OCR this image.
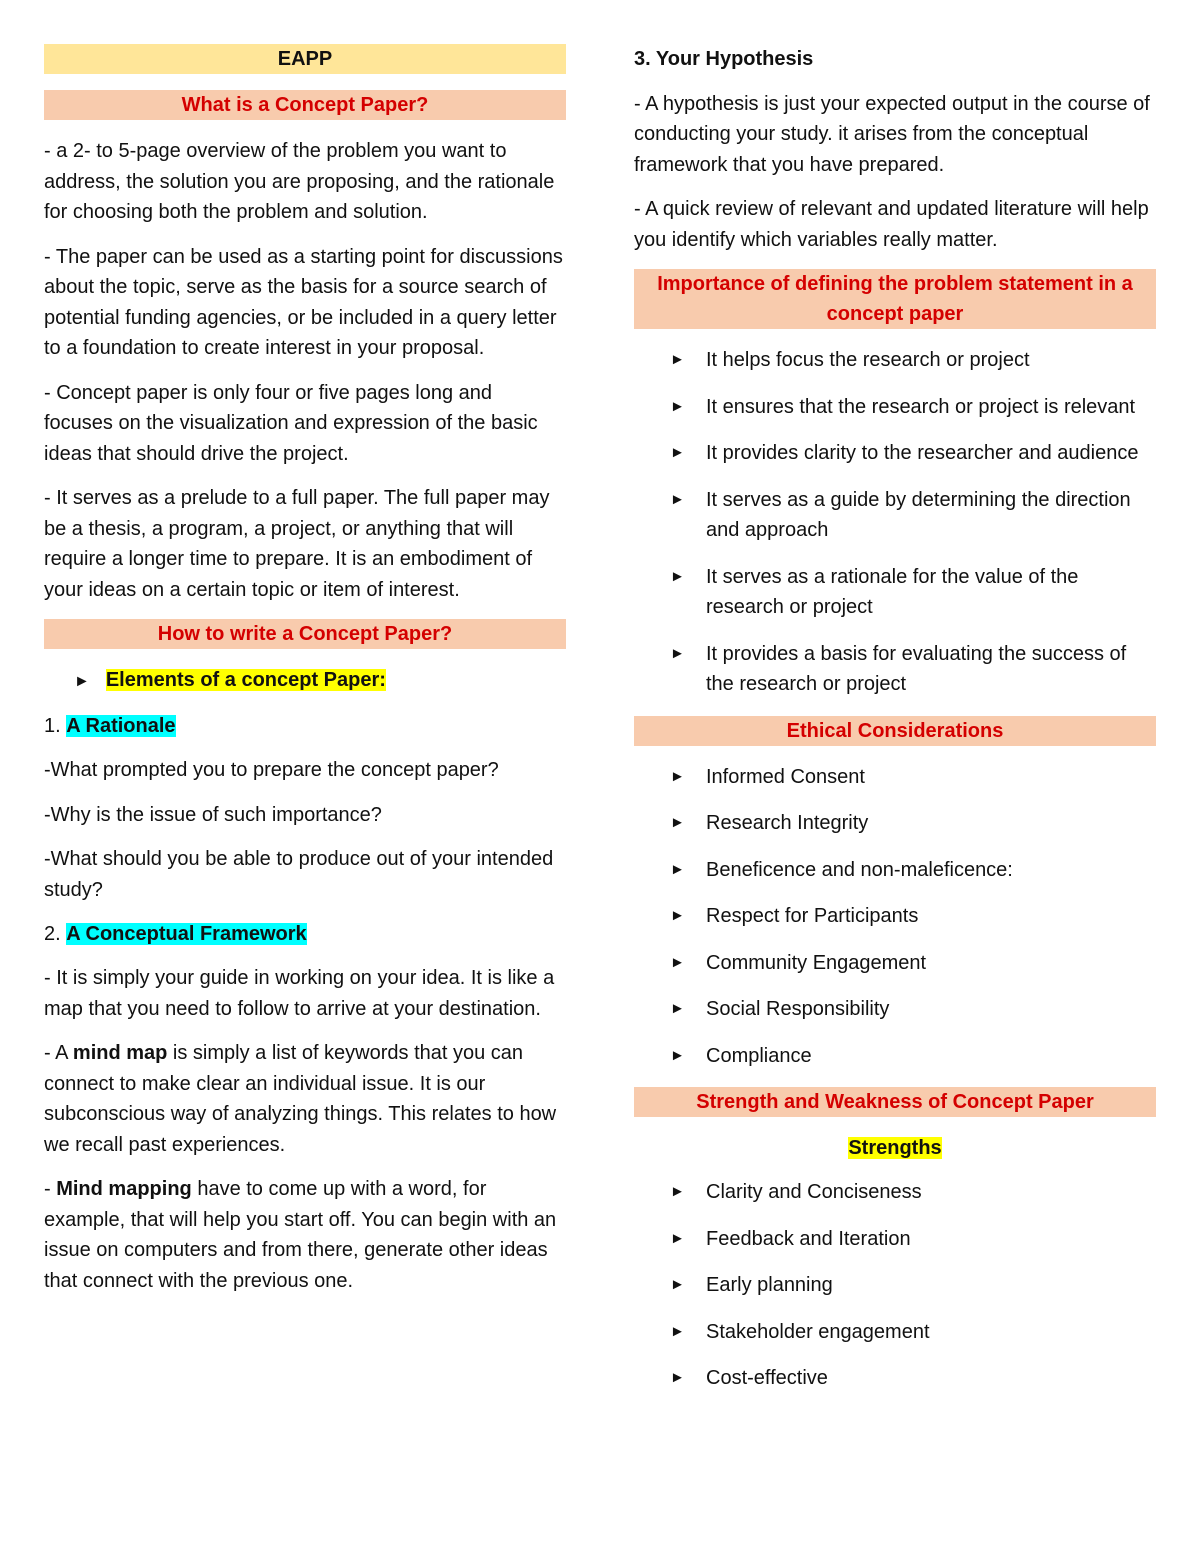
EAPP
What is a Concept Paper?

- a 2- to 5-page overview of the problem you want to address, the solution you are proposing, and the rationale for choosing both the problem and solution.

- The paper can be used as a starting point for discussions about the topic, serve as the basis for a source search of potential funding agencies, or be included in a query letter to a foundation to create interest in your proposal.

- Concept paper is only four or five pages long and focuses on the visualization and expression of the basic ideas that should drive the project.

- It serves as a prelude to a full paper. The full paper may be a thesis, a program, a project, or anything that will require a longer time to prepare. It is an embodiment of your ideas on a certain topic or item of interest.

How to write a Concept Paper?
► Elements of a concept Paper:
1. A Rationale

-What prompted you to prepare the concept paper?

-Why is the issue of such importance?

-What should you be able to produce out of your intended study?

2. A Conceptual Framework

- It is simply your guide in working on your idea. It is like a map that you need to follow to arrive at your destination.

- A mind map is simply a list of keywords that you can connect to make clear an individual issue. It is our subconscious way of analyzing things. This relates to how we recall past experiences.

- Mind mapping have to come up with a word, for example, that will help you start off. You can begin with an issue on computers and from there, generate other ideas that connect with the previous one.

3. Your Hypothesis

- A hypothesis is just your expected output in the course of conducting your study. it arises from the conceptual framework that you have prepared.

- A quick review of relevant and updated literature will help you identify which variables really matter.

Importance of defining the problem statement in a concept paper
► It helps focus the research or project
► It ensures that the research or project is relevant
► It provides clarity to the researcher and audience
► It serves as a guide by determining the direction and approach
► It serves as a rationale for the value of the research or project
► It provides a basis for evaluating the success of the research or project
Ethical Considerations
► Informed Consent
► Research Integrity
► Beneficence and non-maleficence:
► Respect for Participants
► Community Engagement
► Social Responsibility
► Compliance
Strength and Weakness of Concept Paper
Strengths
► Clarity and Conciseness
► Feedback and Iteration
► Early planning
► Stakeholder engagement
► Cost-effective
